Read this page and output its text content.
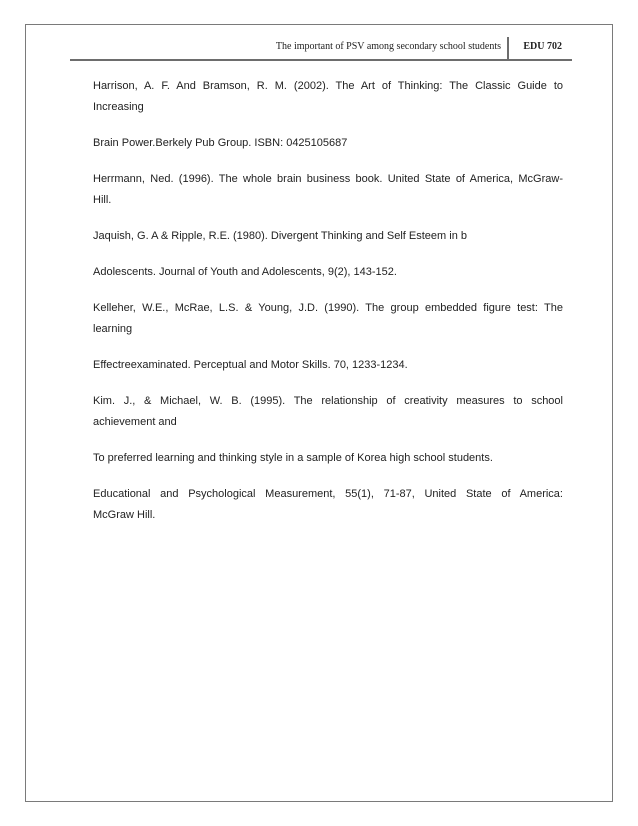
The important of PSV among secondary school students EDU 702

Harrison, A. F. And Bramson, R. M. (2002). The Art of Thinking: The Classic Guide to

Increasing

Brain Power.Berkely Pub Group. ISBN: 0425105687

Herrmann, Ned. (1996). The whole brain business book. United State of America, McGraw-

Hill.

Jaquish, G. A & Ripple, R.E. (1980). Divergent Thinking and Self Esteem in b

Adolescents. Journal of Youth and Adolescents, 9(2), 143-152.

Kelleher, W.E., McRae, L.S. & Young, J.D. (1990). The group embedded figure test: The

learning

Effectreexaminated. Perceptual and Motor Skills. 70, 1233-1234.

Kim. J., & Michael, W. B. (1995). The relationship of creativity measures to school

achievement and

To preferred learning and thinking style in a sample of Korea high school students.

Educational and Psychological Measurement, 55(1), 71-87, United State of America:

McGraw Hill.
